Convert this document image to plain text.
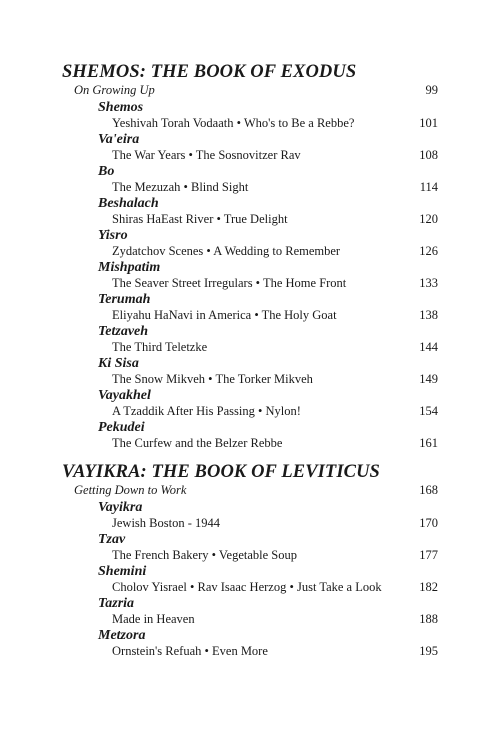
SHEMOS: THE BOOK OF EXODUS
On Growing Up	99
Shemos
Yeshivah Torah Vodaath • Who's to Be a Rebbe?	101
Va'eira
The War Years • The Sosnovitzer Rav	108
Bo
The Mezuzah • Blind Sight	114
Beshalach
Shiras HaEast River • True Delight	120
Yisro
Zydatchov Scenes • A Wedding to Remember	126
Mishpatim
The Seaver Street Irregulars • The Home Front	133
Terumah
Eliyahu HaNavi in America • The Holy Goat	138
Tetzaveh
The Third Teletzke	144
Ki Sisa
The Snow Mikveh • The Torker Mikveh	149
Vayakhel
A Tzaddik After His Passing • Nylon!	154
Pekudei
The Curfew and the Belzer Rebbe	161
VAYIKRA: THE BOOK OF LEVITICUS
Getting Down to Work	168
Vayikra
Jewish Boston - 1944	170
Tzav
The French Bakery • Vegetable Soup	177
Shemini
Cholov Yisrael • Rav Isaac Herzog • Just Take a Look	182
Tazria
Made in Heaven	188
Metzora
Ornstein's Refuah • Even More	195
